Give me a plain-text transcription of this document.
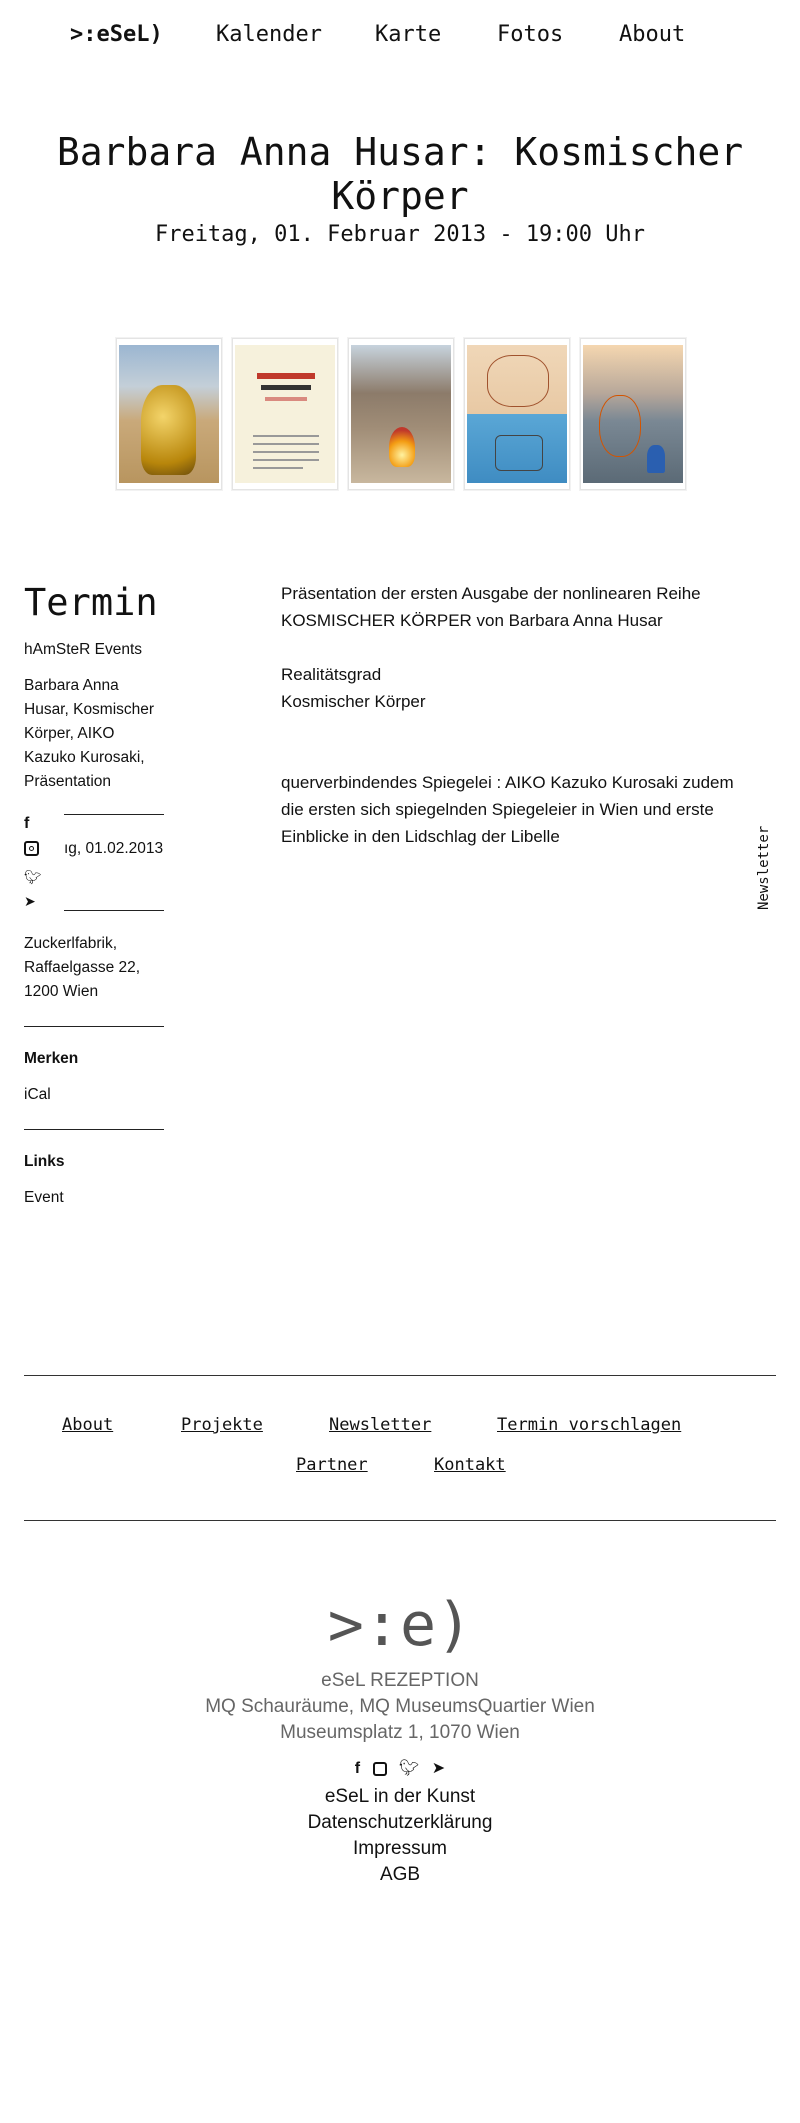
>:eSeL) Kalender Karte	Fotos	About
Barbara Anna Husar: Kosmischer Körper
Freitag, 01. Februar 2013 - 19:00 Uhr
Termin
hAmSteR Events
Barbara Anna Husar, Kosmischer Körper, AIKO Kazuko Kurosaki, Präsentation
f
🐦︎
➤
ıg, 01.02.2013
Zuckerlfabrik, Raffaelgasse 22, 1200 Wien
Merken
iCal
Links
Event
Präsentation der ersten Ausgabe der nonlinearen Reihe KOSMISCHER KÖRPER von Barbara Anna Husar
Realitätsgrad
Kosmischer Körper
querverbindendes Spiegelei : AIKO Kazuko Kurosaki zudem die ersten sich spiegelnden Spiegeleier in Wien und erste Einblicke in den Lidschlag der Libelle	Newsletter
About	Projekte	Newsletter	Termin vorschlagen
Partner	Kontakt
>:e)
eSeL REZEPTION
MQ Schauräume, MQ MuseumsQuartier Wien
Museumsplatz 1, 1070 Wien
f 🐦︎ ➤
eSeL in der Kunst
Datenschutzerklärung
Impressum
AGB
